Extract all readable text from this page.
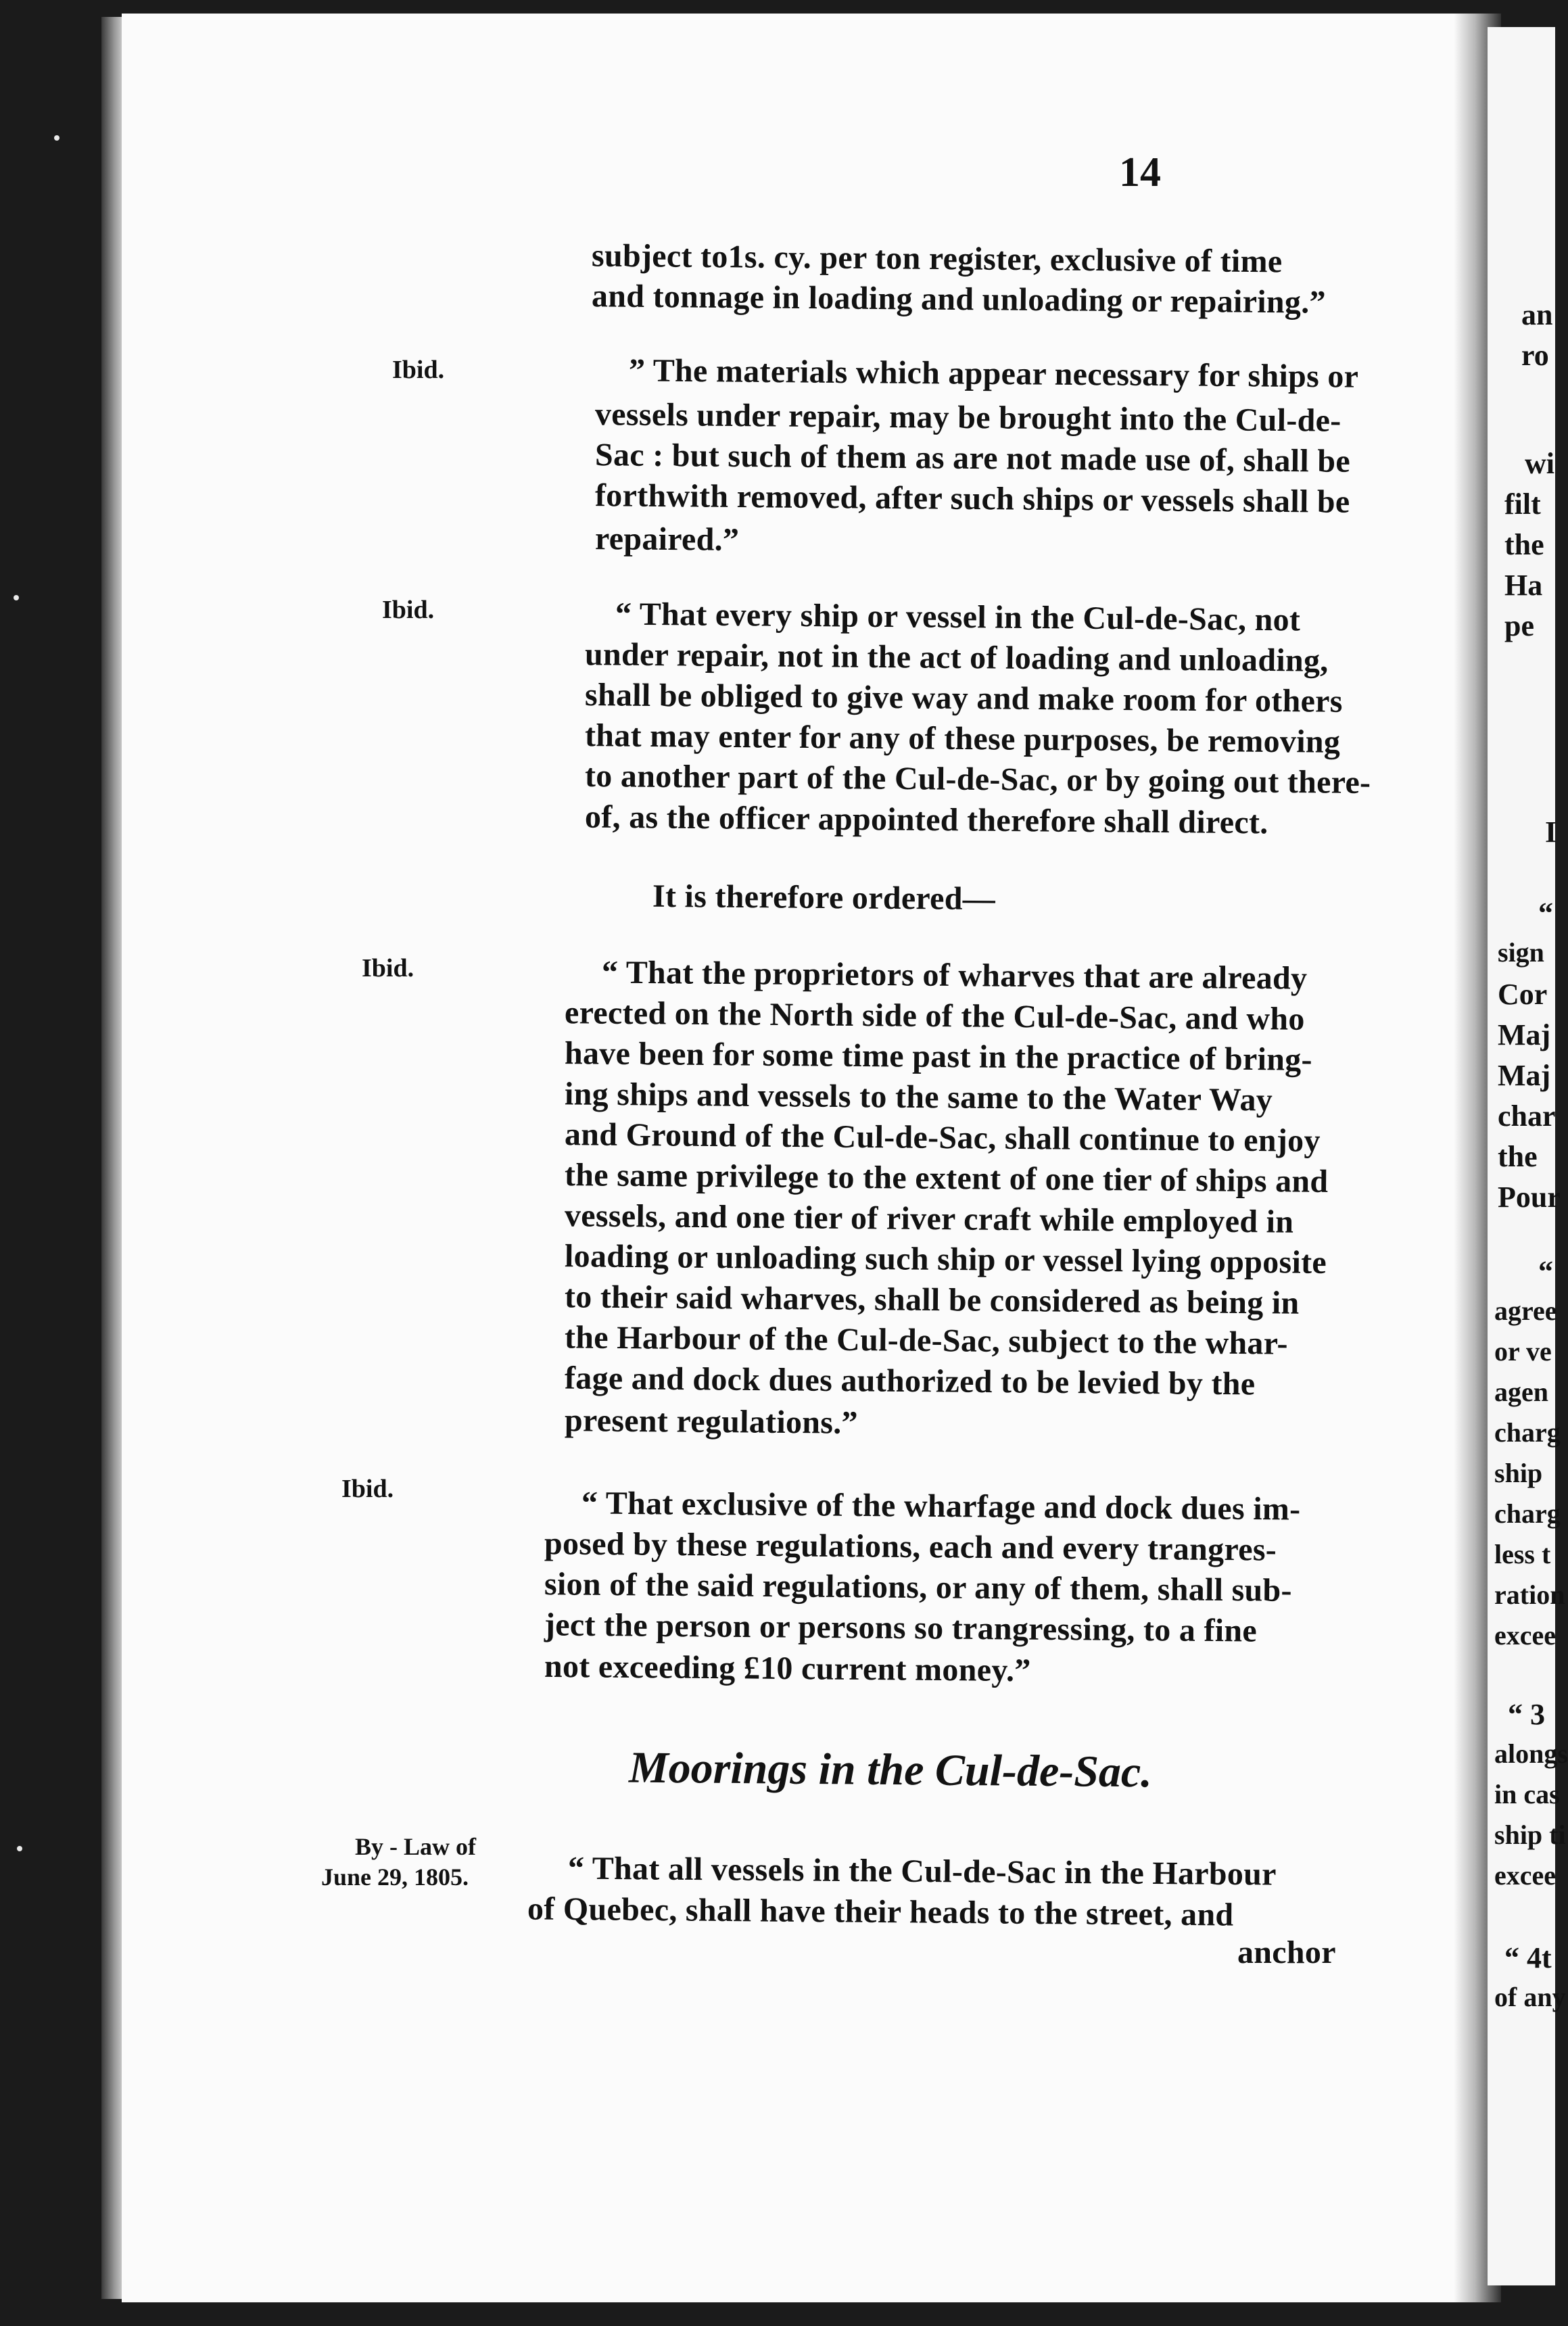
14
subject to1s. cy. per ton register, exclusive of time
and tonnage in loading and unloading or repairing.”
Ibid.	” The materials which appear necessary for ships or
vessels under repair, may be brought into the Cul-de-
Sac : but such of them as are not made use of, shall be
forthwith removed, after such ships or vessels shall be
repaired.”
Ibid.	“ That every ship or vessel in the Cul-de-Sac, not
under repair, not in the act of loading and unloading,
shall be obliged to give way and make room for others
that may enter for any of these purposes, be removing
to another part of the Cul-de-Sac, or by going out there-
of, as the officer appointed therefore shall direct.
It is therefore ordered—
Ibid.	“ That the proprietors of wharves that are already
erected on the North side of the Cul-de-Sac, and who
have been for some time past in the practice of bring-
ing ships and vessels to the same to the Water Way
and Ground of the Cul-de-Sac, shall continue to enjoy
the same privilege to the extent of one tier of ships and
vessels, and one tier of river craft while employed in
loading or unloading such ship or vessel lying opposite
to their said wharves, shall be considered as being in
the Harbour of the Cul-de-Sac, subject to the whar-
fage and dock dues authorized to be levied by the
present regulations.”
Ibid.	“ That exclusive of the wharfage and dock dues im-
posed by these regulations, each and every trangres-
sion of the said regulations, or any of them, shall sub-
ject the person or persons so trangressing, to a fine
not exceeding £10 current money.”
Moorings in the Cul-de-Sac.
By - Law of
June 29, 1805.	“ That all vessels in the Cul-de-Sac in the Harbour
of Quebec, shall have their heads to the street, and
anchor
an
ro
wi
filt
the
Ha
pe
I
“
sign
Cor
Maj
Maj
char
the
Pour
“
agree
or ve
agen
charg
ship
charg
less t
ration
excee
“ 3
alongs
in cas
ship ti
excee
“ 4t
of any
